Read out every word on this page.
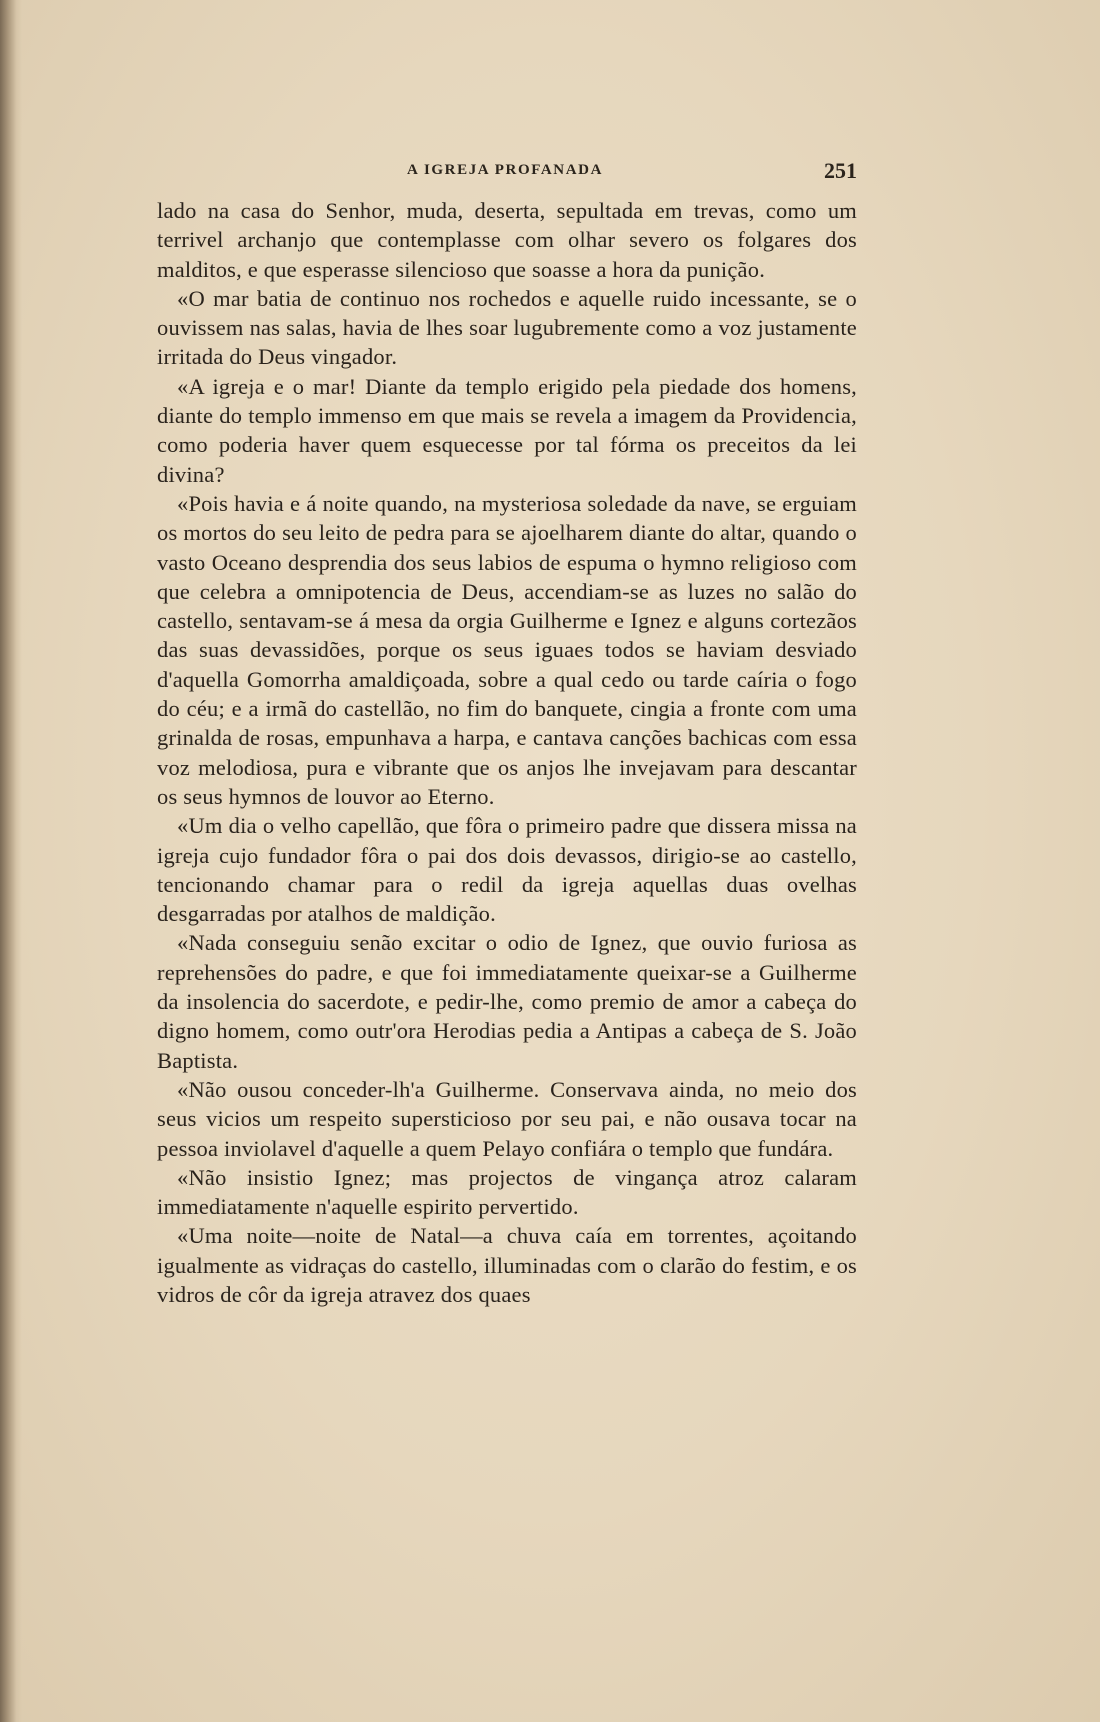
A IGREJA PROFANADA	251

lado na casa do Senhor, muda, deserta, sepultada em trevas, como um terrivel archanjo que contemplasse com olhar severo os folgares dos malditos, e que esperasse silencioso que soasse a hora da punição.

«O mar batia de continuo nos rochedos e aquelle ruido incessante, se o ouvissem nas salas, havia de lhes soar lugubremente como a voz justamente irritada do Deus vingador.

«A igreja e o mar! Diante da templo erigido pela piedade dos homens, diante do templo immenso em que mais se revela a imagem da Providencia, como poderia haver quem esquecesse por tal fórma os preceitos da lei divina?

«Pois havia e á noite quando, na mysteriosa soledade da nave, se erguiam os mortos do seu leito de pedra para se ajoelharem diante do altar, quando o vasto Oceano desprendia dos seus labios de espuma o hymno religioso com que celebra a omnipotencia de Deus, accendiam-se as luzes no salão do castello, sentavam-se á mesa da orgia Guilherme e Ignez e alguns cortezãos das suas devassidões, porque os seus iguaes todos se haviam desviado d'aquella Gomorrha amaldiçoada, sobre a qual cedo ou tarde caíria o fogo do céu; e a irmã do castellão, no fim do banquete, cingia a fronte com uma grinalda de rosas, empunhava a harpa, e cantava canções bachicas com essa voz melodiosa, pura e vibrante que os anjos lhe invejavam para descantar os seus hymnos de louvor ao Eterno.

«Um dia o velho capellão, que fôra o primeiro padre que dissera missa na igreja cujo fundador fôra o pai dos dois devassos, dirigio-se ao castello, tencionando chamar para o redil da igreja aquellas duas ovelhas desgarradas por atalhos de maldição.

«Nada conseguiu senão excitar o odio de Ignez, que ouvio furiosa as reprehensões do padre, e que foi immediatamente queixar-se a Guilherme da insolencia do sacerdote, e pedir-lhe, como premio de amor a cabeça do digno homem, como outr'ora Herodias pedia a Antipas a cabeça de S. João Baptista.

«Não ousou conceder-lh'a Guilherme. Conservava ainda, no meio dos seus vicios um respeito supersticioso por seu pai, e não ousava tocar na pessoa inviolavel d'aquelle a quem Pelayo confiára o templo que fundára.

«Não insistio Ignez; mas projectos de vingança atroz calaram immediatamente n'aquelle espirito pervertido.

«Uma noite—noite de Natal—a chuva caía em torrentes, açoitando igualmente as vidraças do castello, illuminadas com o clarão do festim, e os vidros de côr da igreja atravez dos quaes
